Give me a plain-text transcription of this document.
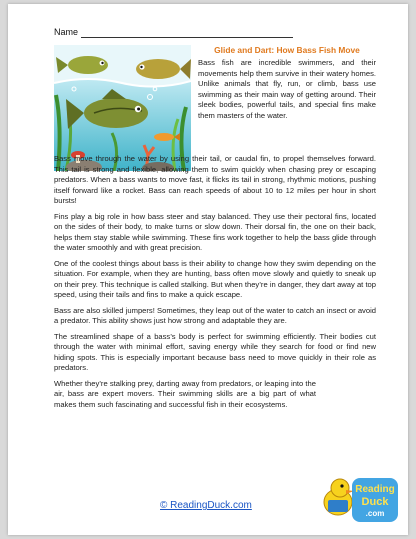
Name
Glide and Dart: How Bass Fish Move

Bass fish are incredible swimmers, and their movements help them survive in their watery homes. Unlike animals that fly, run, or climb, bass use swimming as their main way of getting around. Their sleek bodies, powerful tails, and special fins make them masters of the water.

Bass move through the water by using their tail, or caudal fin, to propel themselves forward. This tail is strong and flexible, allowing them to swim quickly when chasing prey or escaping predators. When a bass wants to move fast, it flicks its tail in strong, rhythmic motions, pushing itself forward like a rocket. Bass can reach speeds of about 10 to 12 miles per hour in short bursts!

Fins play a big role in how bass steer and stay balanced. They use their pectoral fins, located on the sides of their body, to make turns or slow down. Their dorsal fin, the one on their back, helps them stay stable while swimming. These fins work together to help the bass glide through the water smoothly and with great precision.

One of the coolest things about bass is their ability to change how they swim depending on the situation. For example, when they are hunting, bass often move slowly and quietly to sneak up on their prey. This technique is called stalking. But when they’re in danger, they dart away at top speed, using their tails and fins to make a quick escape.

Bass are also skilled jumpers! Sometimes, they leap out of the water to catch an insect or avoid a predator. This ability shows just how strong and adaptable they are.

The streamlined shape of a bass’s body is perfect for swimming efficiently. Their bodies cut through the water with minimal effort, saving energy while they search for food or find new hiding spots. This is especially important because bass need to move quickly in their role as predators.

Whether they’re stalking prey, darting away from predators, or leaping into the air, bass are expert movers. Their swimming skills are a big part of what makes them such fascinating and successful fish in their ecosystems.

© ReadingDuck.com
Reading
Duck
.com
